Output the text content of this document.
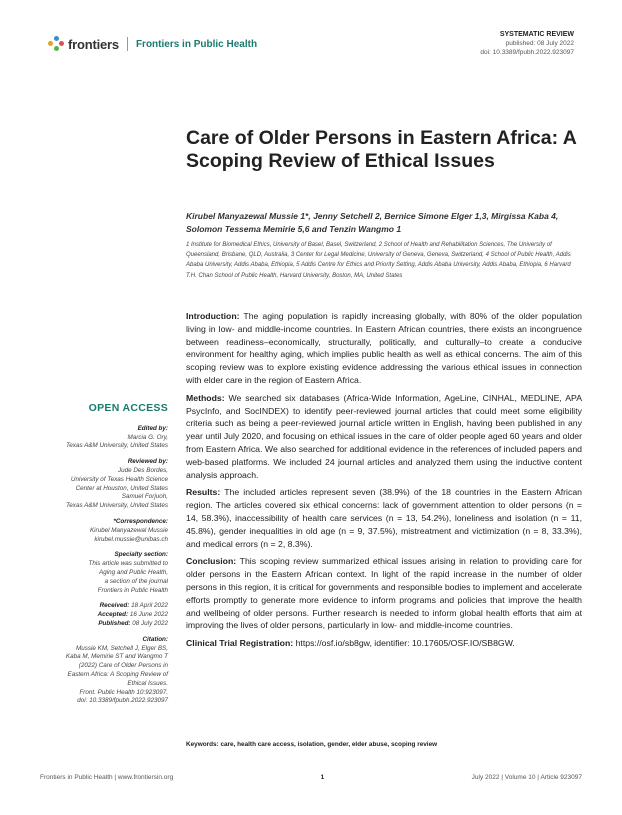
frontiers Frontiers in Public Health
SYSTEMATIC REVIEW
published: 08 July 2022
doi: 10.3389/fpubh.2022.923097
Care of Older Persons in Eastern Africa: A Scoping Review of Ethical Issues
Kirubel Manyazewal Mussie 1*, Jenny Setchell 2, Bernice Simone Elger 1,3, Mirgissa Kaba 4, Solomon Tessema Memirie 5,6 and Tenzin Wangmo 1
1 Institute for Biomedical Ethics, University of Basel, Basel, Switzerland, 2 School of Health and Rehabilitation Sciences, The University of Queensland, Brisbane, QLD, Australia, 3 Center for Legal Medicine, University of Geneva, Geneva, Switzerland, 4 School of Public Health, Addis Ababa University, Addis Ababa, Ethiopia, 5 Addis Centre for Ethics and Priority Setting, Addis Ababa University, Addis Ababa, Ethiopia, 6 Harvard T.H. Chan School of Public Health, Harvard University, Boston, MA, United States
OPEN ACCESS
Edited by:
Marcia G. Ory,
Texas A&M University, United States
Reviewed by:
Jude Des Bordes,
University of Texas Health Science
Center at Houston, United States
Samuel Forjuoh,
Texas A&M University, United States
*Correspondence:
Kirubel Manyazewal Mussie
kirubel.mussie@unibas.ch
Specialty section:
This article was submitted to
Aging and Public Health,
a section of the journal
Frontiers in Public Health
Received: 18 April 2022
Accepted: 16 June 2022
Published: 08 July 2022
Citation:
Mussie KM, Setchell J, Elger BS,
Kaba M, Memirie ST and Wangmo T
(2022) Care of Older Persons in
Eastern Africa: A Scoping Review of
Ethical Issues.
Front. Public Health 10:923097.
doi: 10.3389/fpubh.2022.923097

Introduction: The aging population is rapidly increasing globally, with 80% of the older population living in low- and middle-income countries. In Eastern African countries, there exists an incongruence between readiness–economically, structurally, politically, and culturally–to create a conducive environment for healthy aging, which implies public health as well as ethical concerns. The aim of this scoping review was to explore existing evidence addressing the various ethical issues in connection with elder care in the region of Eastern Africa.

Methods: We searched six databases (Africa-Wide Information, AgeLine, CINHAL, MEDLINE, APA PsycInfo, and SocINDEX) to identify peer-reviewed journal articles that could meet some eligibility criteria such as being a peer-reviewed journal article written in English, having been published in any year until July 2020, and focusing on ethical issues in the care of older people aged 60 years and older from Eastern Africa. We also searched for additional evidence in the references of included papers and web-based platforms. We included 24 journal articles and analyzed them using the inductive content analysis approach.

Results: The included articles represent seven (38.9%) of the 18 countries in the Eastern African region. The articles covered six ethical concerns: lack of government attention to older persons (n = 14, 58.3%), inaccessibility of health care services (n = 13, 54.2%), loneliness and isolation (n = 11, 45.8%), gender inequalities in old age (n = 9, 37.5%), mistreatment and victimization (n = 8, 33.3%), and medical errors (n = 2, 8.3%).

Conclusion: This scoping review summarized ethical issues arising in relation to providing care for older persons in the Eastern African context. In light of the rapid increase in the number of older persons in this region, it is critical for governments and responsible bodies to implement and accelerate efforts promptly to generate more evidence to inform programs and policies that improve the health and wellbeing of older persons. Further research is needed to inform global health efforts that aim at improving the lives of older persons, particularly in low- and middle-income countries.

Clinical Trial Registration: https://osf.io/sb8gw, identifier: 10.17605/OSF.IO/SB8GW.

Keywords: care, health care access, isolation, gender, elder abuse, scoping review
Frontiers in Public Health | www.frontiersin.org	1	July 2022 | Volume 10 | Article 923097
